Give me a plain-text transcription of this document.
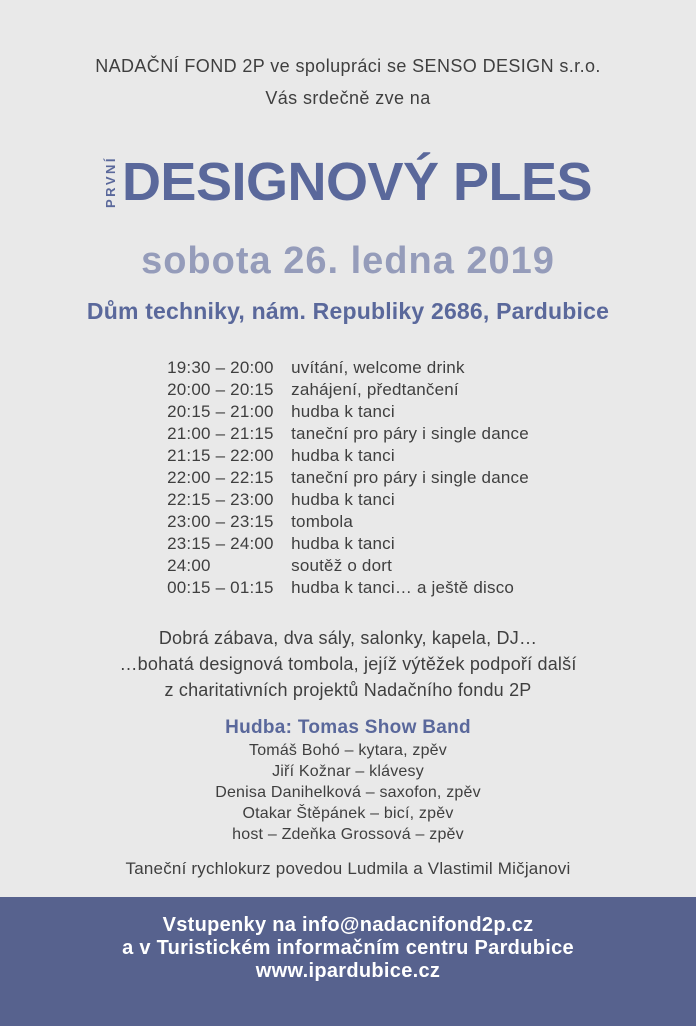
NADAČNÍ FOND 2P ve spolupráci se SENSO DESIGN s.r.o.
Vás srdečně zve na
PRVNÍ DESIGNOVÝ PLES
sobota 26. ledna 2019
Dům techniky, nám. Republiky 2686, Pardubice
19:30 – 20:00	uvítání, welcome drink
20:00 – 20:15	zahájení, předtančení
20:15 – 21:00	hudba k tanci
21:00 – 21:15	taneční pro páry i single dance
21:15 – 22:00	hudba k tanci
22:00 – 22:15	taneční pro páry i single dance
22:15 – 23:00	hudba k tanci
23:00 – 23:15	tombola
23:15 – 24:00	hudba k tanci
24:00	soutěž o dort
00:15 – 01:15	hudba k tanci… a ještě disco
Dobrá zábava, dva sály, salonky, kapela, DJ…
…bohatá designová tombola, jejíž výtěžek podpoří další
z charitativních projektů Nadačního fondu 2P
Hudba: Tomas Show Band
Tomáš Bohó – kytara, zpěv
Jiří Kožnar – klávesy
Denisa Danihelková – saxofon, zpěv
Otakar Štěpánek – bicí, zpěv
host – Zdeňka Grossová – zpěv
Taneční rychlokurz povedou Ludmila a Vlastimil Mičjanovi
Vstupenky na info@nadacnifond2p.cz
a v Turistickém informačním centru Pardubice
www.ipardubice.cz
